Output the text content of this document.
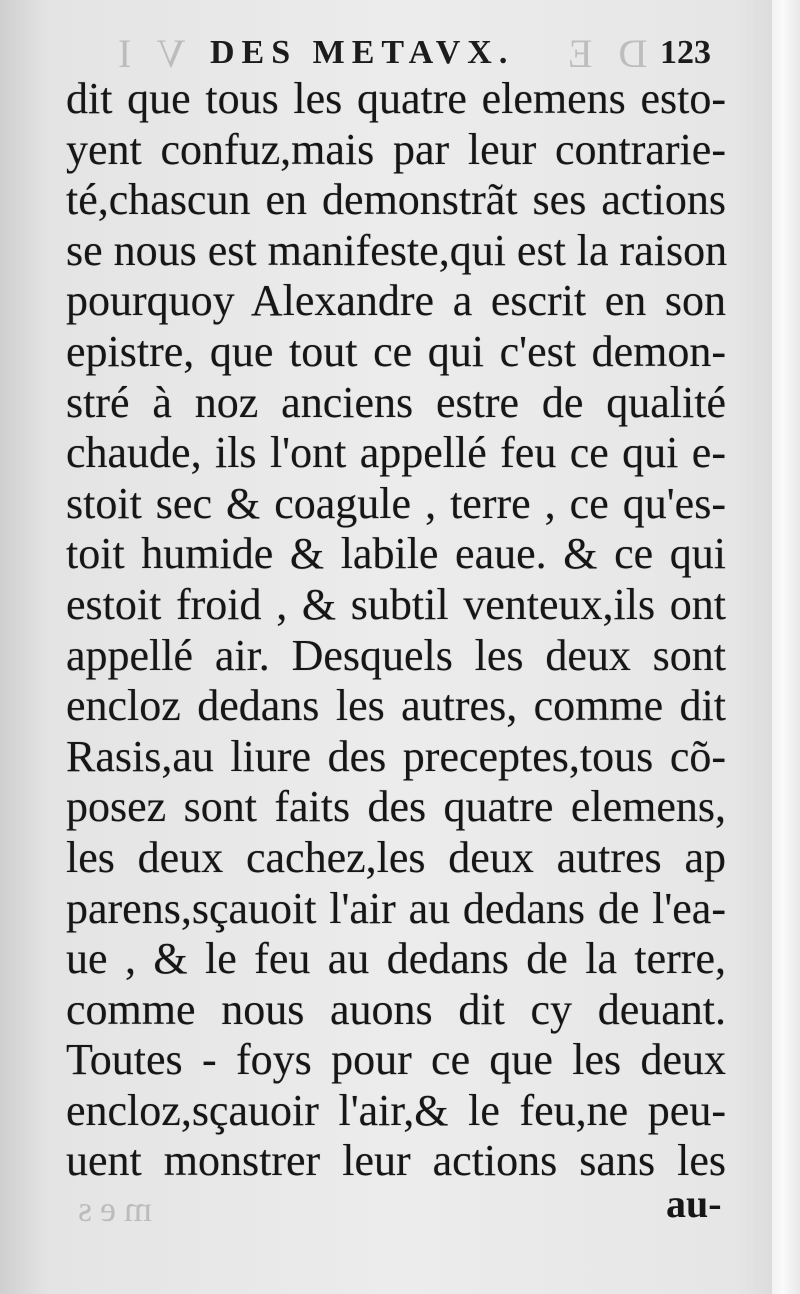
V I	D E
mes
DES METAVX.	123
dit que tous les quatre elemens esto-
yent confuz,mais par leur contrarie-
té,chascun en demonstrãt ses actions
se nous est manifeste,qui est la raison
pourquoy Alexandre a escrit en son
epistre, que tout ce qui c'est demon-
stré à noz anciens estre de qualité
chaude, ils l'ont appellé feu ce qui e-
stoit sec & coagule , terre , ce qu'es-
toit humide & labile eaue. & ce qui
estoit froid , & subtil venteux,ils ont
appellé air. Desquels les deux sont
encloz dedans les autres, comme dit
Rasis,au liure des preceptes,tous cõ-
posez sont faits des quatre elemens,
les deux cachez,les deux autres ap
parens,sçauoit l'air au dedans de l'ea-
ue , & le feu au dedans de la terre,
comme nous auons dit cy deuant.
Toutes - foys pour ce que les deux
encloz,sçauoir l'air,& le feu,ne peu-
uent monstrer leur actions sans les
au-
